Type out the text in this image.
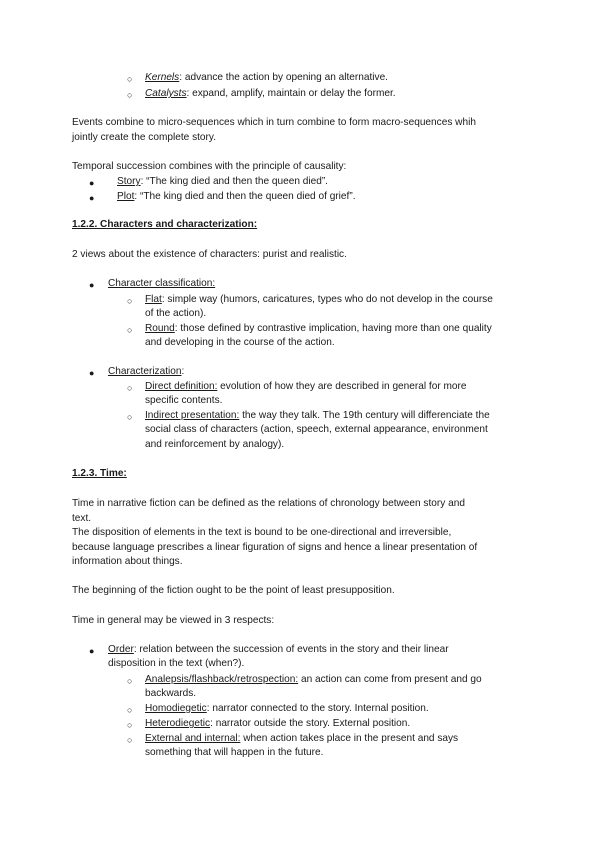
○ Kernels: advance the action by opening an alternative.
○ Catalysts: expand, amplify, maintain or delay the former.
Events combine to micro-sequences which in turn combine to form macro-sequences whih
jointly create the complete story.
Temporal succession combines with the principle of causality:
● Story: “The king died and then the queen died”.
● Plot: “The king died and then the queen died of grief”.
1.2.2. Characters and characterization:
2 views about the existence of characters: purist and realistic.
● Character classification:
○ Flat: simple way (humors, caricatures, types who do not develop in the course
of the action).
○ Round: those defined by contrastive implication, having more than one quality
and developing in the course of the action.
● Characterization:
○ Direct definition: evolution of how they are described in general for more
specific contents.
○ Indirect presentation: the way they talk. The 19th century will differenciate the
social class of characters (action, speech, external appearance, environment
and reinforcement by analogy).
1.2.3. Time:
Time in narrative fiction can be defined as the relations of chronology between story and
text.
The disposition of elements in the text is bound to be one-directional and irreversible,
because language prescribes a linear figuration of signs and hence a linear presentation of
information about things.
The beginning of the fiction ought to be the point of least presupposition.
Time in general may be viewed in 3 respects:
● Order: relation between the succession of events in the story and their linear
disposition in the text (when?).
○ Analepsis/flashback/retrospection: an action can come from present and go
backwards.
○ Homodiegetic: narrator connected to the story. Internal position.
○ Heterodiegetic: narrator outside the story. External position.
○ External and internal: when action takes place in the present and says
something that will happen in the future.
